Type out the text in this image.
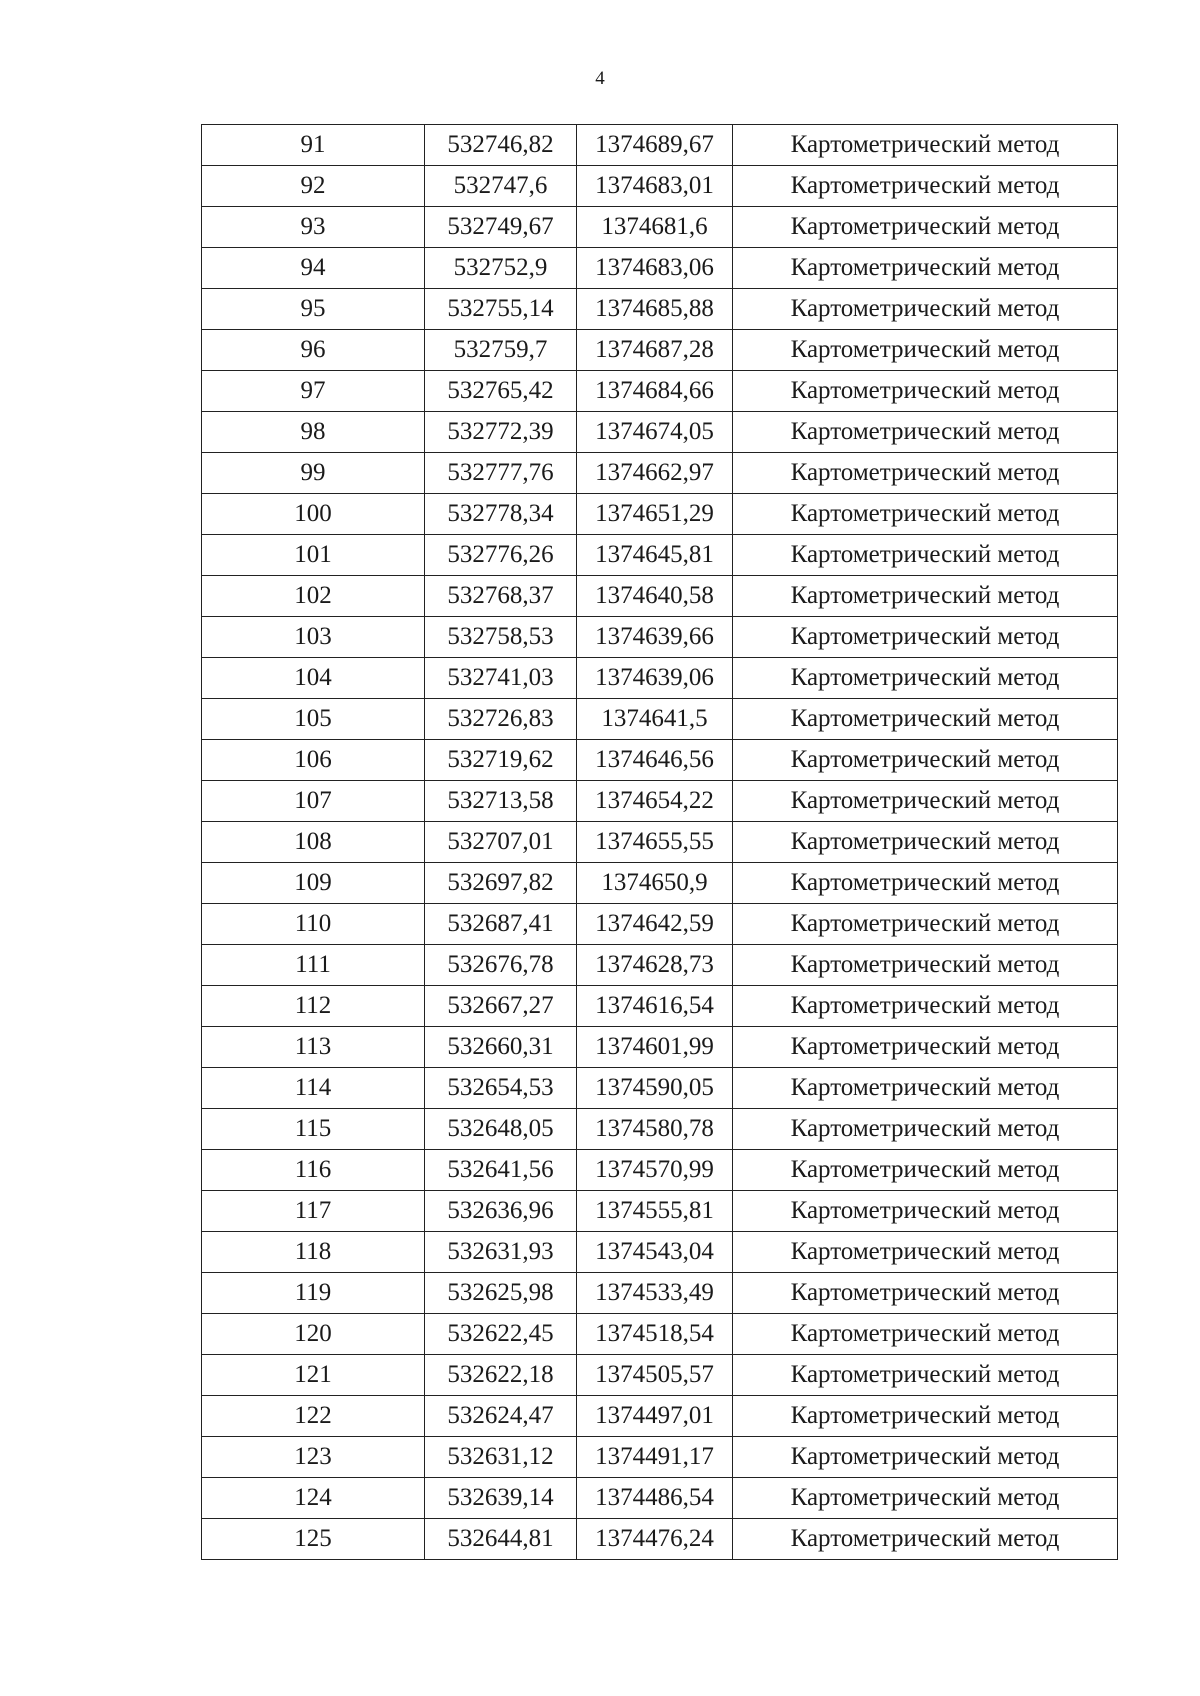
4
91	532746,82	1374689,67	Картометрический метод
92	532747,6	1374683,01	Картометрический метод
93	532749,67	1374681,6	Картометрический метод
94	532752,9	1374683,06	Картометрический метод
95	532755,14	1374685,88	Картометрический метод
96	532759,7	1374687,28	Картометрический метод
97	532765,42	1374684,66	Картометрический метод
98	532772,39	1374674,05	Картометрический метод
99	532777,76	1374662,97	Картометрический метод
100	532778,34	1374651,29	Картометрический метод
101	532776,26	1374645,81	Картометрический метод
102	532768,37	1374640,58	Картометрический метод
103	532758,53	1374639,66	Картометрический метод
104	532741,03	1374639,06	Картометрический метод
105	532726,83	1374641,5	Картометрический метод
106	532719,62	1374646,56	Картометрический метод
107	532713,58	1374654,22	Картометрический метод
108	532707,01	1374655,55	Картометрический метод
109	532697,82	1374650,9	Картометрический метод
110	532687,41	1374642,59	Картометрический метод
111	532676,78	1374628,73	Картометрический метод
112	532667,27	1374616,54	Картометрический метод
113	532660,31	1374601,99	Картометрический метод
114	532654,53	1374590,05	Картометрический метод
115	532648,05	1374580,78	Картометрический метод
116	532641,56	1374570,99	Картометрический метод
117	532636,96	1374555,81	Картометрический метод
118	532631,93	1374543,04	Картометрический метод
119	532625,98	1374533,49	Картометрический метод
120	532622,45	1374518,54	Картометрический метод
121	532622,18	1374505,57	Картометрический метод
122	532624,47	1374497,01	Картометрический метод
123	532631,12	1374491,17	Картометрический метод
124	532639,14	1374486,54	Картометрический метод
125	532644,81	1374476,24	Картометрический метод
